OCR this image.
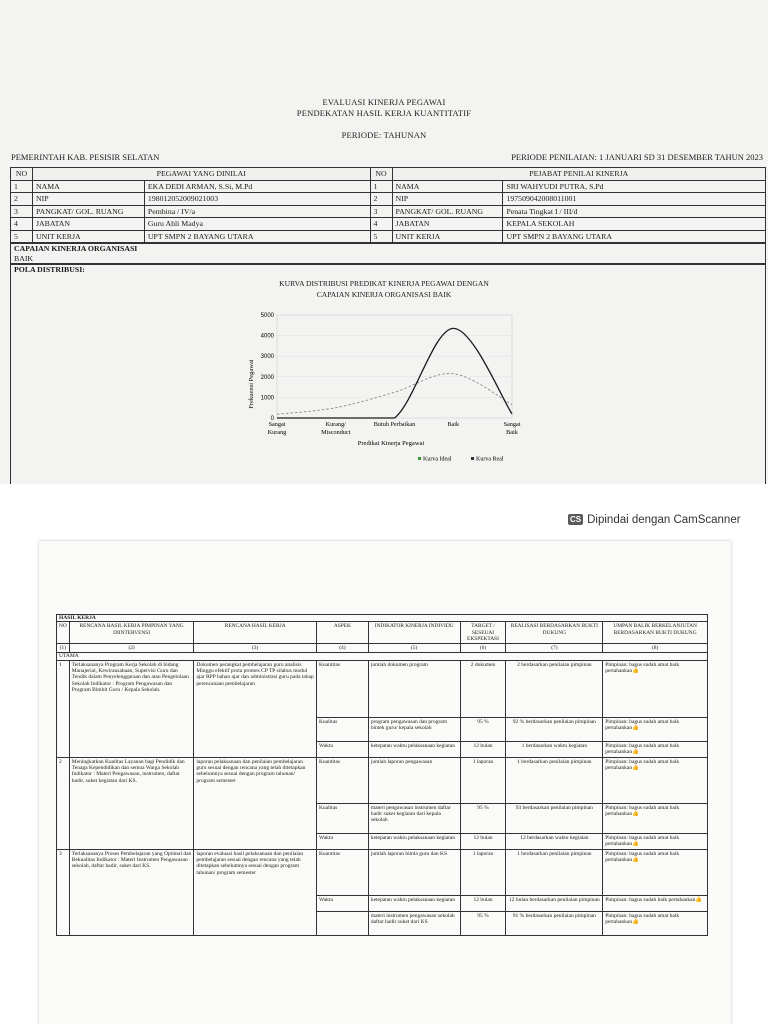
EVALUASI KINERJA PEGAWAI
PENDEKATAN HASIL KERJA KUANTITATIF
PERIODE: TAHUNAN
PEMERINTAH KAB. PESISIR SELATAN	PERIODE PENILAIAN: 1 JANUARI SD 31 DESEMBER TAHUN 2023
NO	PEGAWAI YANG DINILAI		NO	PEJABAT PENILAI KINERJA	
1	NAMA	EKA DEDI ARMAN, S.Si, M.Pd	1	NAMA	SRI WAHYUDI PUTRA, S.Pd
2	NIP	198012052009021003	2	NIP	197509042008011001
3	PANGKAT/ GOL. RUANG	Pembina / IV/a	3	PANGKAT/ GOL. RUANG	Penata Tingkat I / III/d
4	JABATAN	Guru Ahli Madya	4	JABATAN	KEPALA SEKOLAH
5	UNIT KERJA	UPT SMPN 2 BAYANG UTARA	5	UNIT KERJA	UPT SMPN 2 BAYANG UTARA
CAPAIAN KINERJA ORGANISASI
BAIK
POLA DISTRIBUSI:
KURVA DISTRIBUSI PREDIKAT KINERJA PEGAWAI DENGAN
CAPAIAN KINERJA ORGANISASI BAIK
Frekuensi Pegawai
0
1000
2000
3000
4000
5000
Sangat Kurang
Kurang/ Misconduct
Butuh Perbaikan	Baik	Sangat Baik
Predikat Kinerja Pegawai
Kurva Ideal	Kurva Real
CS Dipindai dengan CamScanner
HASIL KERJA							
NO	RENCANA HASIL KERJA PIMPINAN YANG DIINTERVENSI	RENCANA HASIL KERJA	ASPEK	INDIKATOR KINERJA INDIVIDU	TARGET / SESEUAI EKSPEKTASI	REALISASI BERDASARKAN BUKTI DUKUNG	UMPAN BALIK BERKELANJUTAN BERDASARKAN BUKTI DUKUNG
(1)	(2)	(3)	(4)	(5)	(6)	(7)	(8)
UTAMA							
1	Terlaksananya Program Kerja Sekolah di bidang Manajerial, Kewirausahaan, Supervisi Guru dan Tendik dalam Penyelenggaraan dan atau Pengelolaan Sekolah Indikator : Program Pengawasan dan Program Bimbit Guru / Kepala Sekolah.	Dokumen perangkat pembelajaran guru analisis Minggu efektif prota promes CP TP silabus modul ajar RPP bahan ajar dan administrasi guru pada tahap perencanaan pembelajaran	Kuantitas	jumlah dokumen program	2 dokumen	2 berdasarkan penilaian pimpinan	Pimpinan: bagus sudah amat baik pertahankan👍
			Kualitas	program pengawasan dan program bintek guru/ kepala sekolah	95 %	92 % berdasarkan penilaian pimpinan	Pimpinan: bagus sudah amat baik pertahankan👍
			Waktu	ketepatan waktu pelaksanaan kegiatan	12 bulan	1 berdasarkan waktu kegiatan	Pimpinan: bagus sudah amat baik pertahankan👍
2	Meningkatkan Kualitas Layanan bagi Pendidik dan Tenaga Kependidikan dan semua Warga Sekolah Indikator : Materi Pengawasan, instrumen, daftar hadir, suket kegiatan dari KS.	laporan pelaksanaan dan penilaian pembelajaran guru sesuai dengan rencana yang telah ditetapkan sebelumnya sesuai dengan program tahunan/ program semester	Kuantitas	jumlah laporan pengawasan	1 laporan	1 berdasarkan penilaian pimpinan	Pimpinan: bagus sudah amat baik pertahankan👍
			Kualitas	materi pengawasan instrumen daftar hadir suket kegiatan dari kepala sekolah	95 %	93 berdasarkan penilaian pimpinan	Pimpinan: bagus sudah amat baik pertahankan👍
			Waktu	ketepatan waktu pelaksanaan kegiatan	12 bulan	12 berdasarkan waktu kegiatan	Pimpinan: bagus sudah amat baik pertahankan👍
3	Terlaksananya Proses Pembelajaran yang Optimal dan Bekualitas Indikator : Materi Instrumen Pengawasan sekolah, daftar hadir, suket dari KS.	laporan evaluasi hasil pelaksanaan dan penilaian pembelajaran sesuai dengan rencana yang telah ditetapkan sebelumnya sesuai dengan program tahunan/ program semester	Kuantitas	jumlah laporan bimla guru dan KS	1 laporan	1 berdasarkan penilaian pimpinan	Pimpinan: bagus sudah amat baik pertahankan👍
			Waktu	ketepatan waktu pelaksanaan kegiatan	12 bulan	12 bulan berdasarkan penilaian pimpinan	Pimpinan: bagus sudah baik pertahankan👍
				materi instrumen pengawasan sekolah daftar hadir suket dari KS	95 %	91 % berdasarkan penilaian pimpinan	Pimpinan: bagus sudah amat baik pertahankan👍
